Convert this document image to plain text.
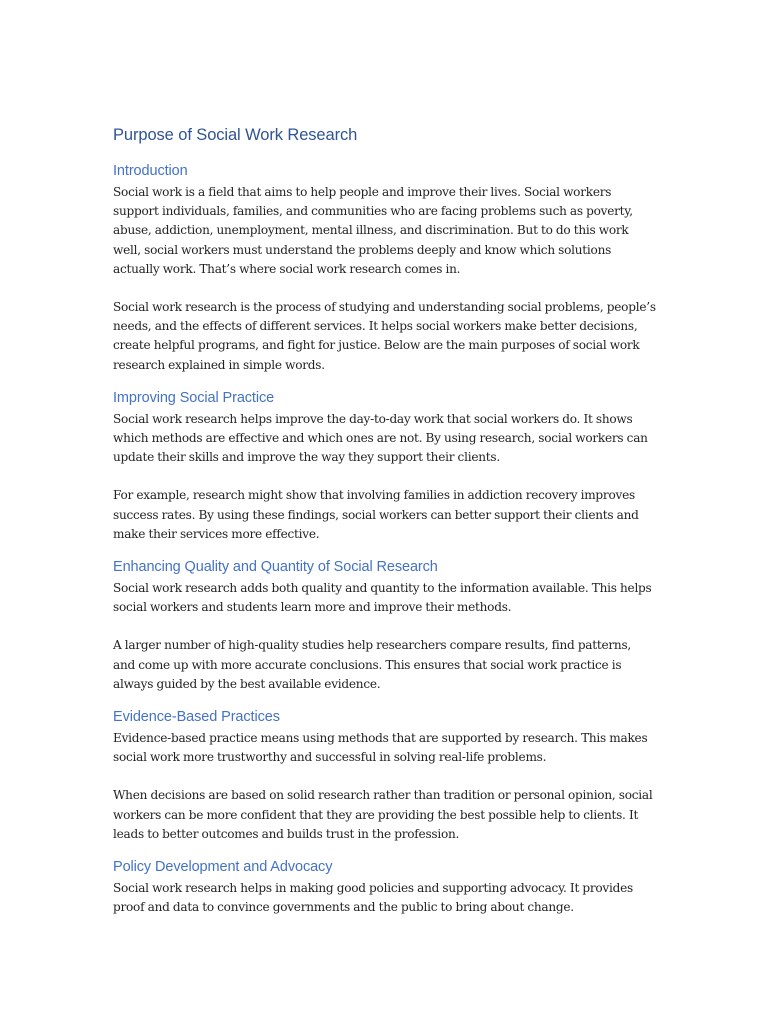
Purpose of Social Work Research
Introduction

Social work is a field that aims to help people and improve their lives. Social workers support individuals, families, and communities who are facing problems such as poverty, abuse, addiction, unemployment, mental illness, and discrimination. But to do this work well, social workers must understand the problems deeply and know which solutions actually work. That’s where social work research comes in.

Social work research is the process of studying and understanding social problems, people’s needs, and the effects of different services. It helps social workers make better decisions, create helpful programs, and fight for justice. Below are the main purposes of social work research explained in simple words.

Improving Social Practice

Social work research helps improve the day-to-day work that social workers do. It shows which methods are effective and which ones are not. By using research, social workers can update their skills and improve the way they support their clients.

For example, research might show that involving families in addiction recovery improves success rates. By using these findings, social workers can better support their clients and make their services more effective.

Enhancing Quality and Quantity of Social Research

Social work research adds both quality and quantity to the information available. This helps social workers and students learn more and improve their methods.

A larger number of high-quality studies help researchers compare results, find patterns, and come up with more accurate conclusions. This ensures that social work practice is always guided by the best available evidence.

Evidence-Based Practices

Evidence-based practice means using methods that are supported by research. This makes social work more trustworthy and successful in solving real-life problems.

When decisions are based on solid research rather than tradition or personal opinion, social workers can be more confident that they are providing the best possible help to clients. It leads to better outcomes and builds trust in the profession.

Policy Development and Advocacy

Social work research helps in making good policies and supporting advocacy. It provides proof and data to convince governments and the public to bring about change.
